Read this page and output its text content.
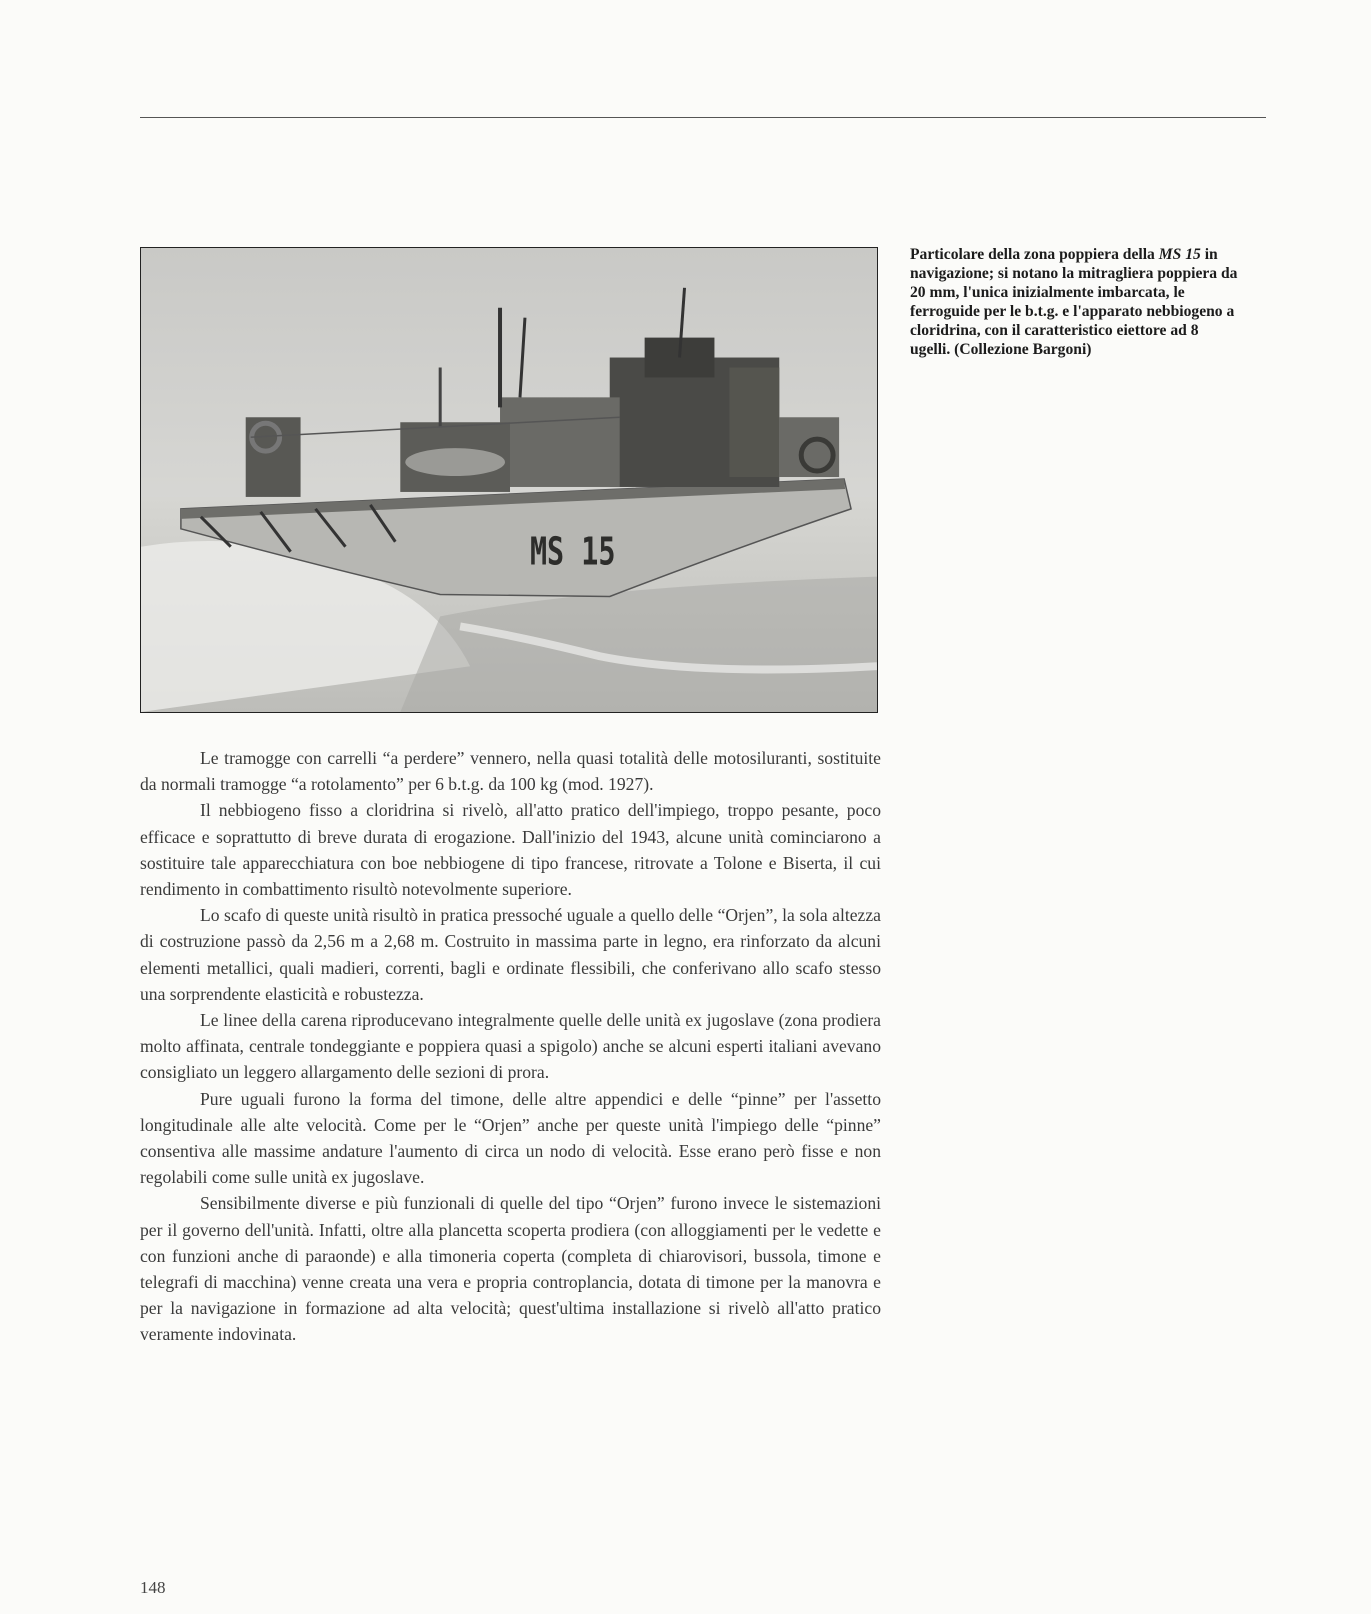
MS 15
Particolare della zona poppiera della MS 15 in navigazione; si notano la mitragliera poppiera da 20 mm, l'unica inizialmente imbarcata, le ferroguide per le b.t.g. e l'apparato nebbiogeno a cloridrina, con il caratteristico eiettore ad 8 ugelli. (Collezione Bargoni)

Le tramogge con carrelli “a perdere” vennero, nella quasi totalità delle motosiluranti, sostituite da normali tramogge “a rotolamento” per 6 b.t.g. da 100 kg (mod. 1927).

Il nebbiogeno fisso a cloridrina si rivelò, all'atto pratico dell'impiego, troppo pesante, poco efficace e soprattutto di breve durata di erogazione. Dall'inizio del 1943, alcune unità cominciarono a sostituire tale apparecchiatura con boe nebbiogene di tipo francese, ritrovate a Tolone e Biserta, il cui rendimento in combattimento risultò notevolmente superiore.

Lo scafo di queste unità risultò in pratica pressoché uguale a quello delle “Orjen”, la sola altezza di costruzione passò da 2,56 m a 2,68 m. Costruito in massima parte in legno, era rinforzato da alcuni elementi metallici, quali madieri, correnti, bagli e ordinate flessibili, che conferivano allo scafo stesso una sorprendente elasticità e robustezza.

Le linee della carena riproducevano integralmente quelle delle unità ex jugoslave (zona prodiera molto affinata, centrale tondeggiante e poppiera quasi a spigolo) anche se alcuni esperti italiani avevano consigliato un leggero allargamento delle sezioni di prora.

Pure uguali furono la forma del timone, delle altre appendici e delle “pinne” per l'assetto longitudinale alle alte velocità. Come per le “Orjen” anche per queste unità l'impiego delle “pinne” consentiva alle massime andature l'aumento di circa un nodo di velocità. Esse erano però fisse e non regolabili come sulle unità ex jugoslave.

Sensibilmente diverse e più funzionali di quelle del tipo “Orjen” furono invece le sistemazioni per il governo dell'unità. Infatti, oltre alla plancetta scoperta prodiera (con alloggiamenti per le vedette e con funzioni anche di paraonde) e alla timoneria coperta (completa di chiarovisori, bussola, timone e telegrafi di macchina) venne creata una vera e propria controplancia, dotata di timone per la manovra e per la navigazione in formazione ad alta velocità; quest'ultima installazione si rivelò all'atto pratico veramente indovinata.

148
